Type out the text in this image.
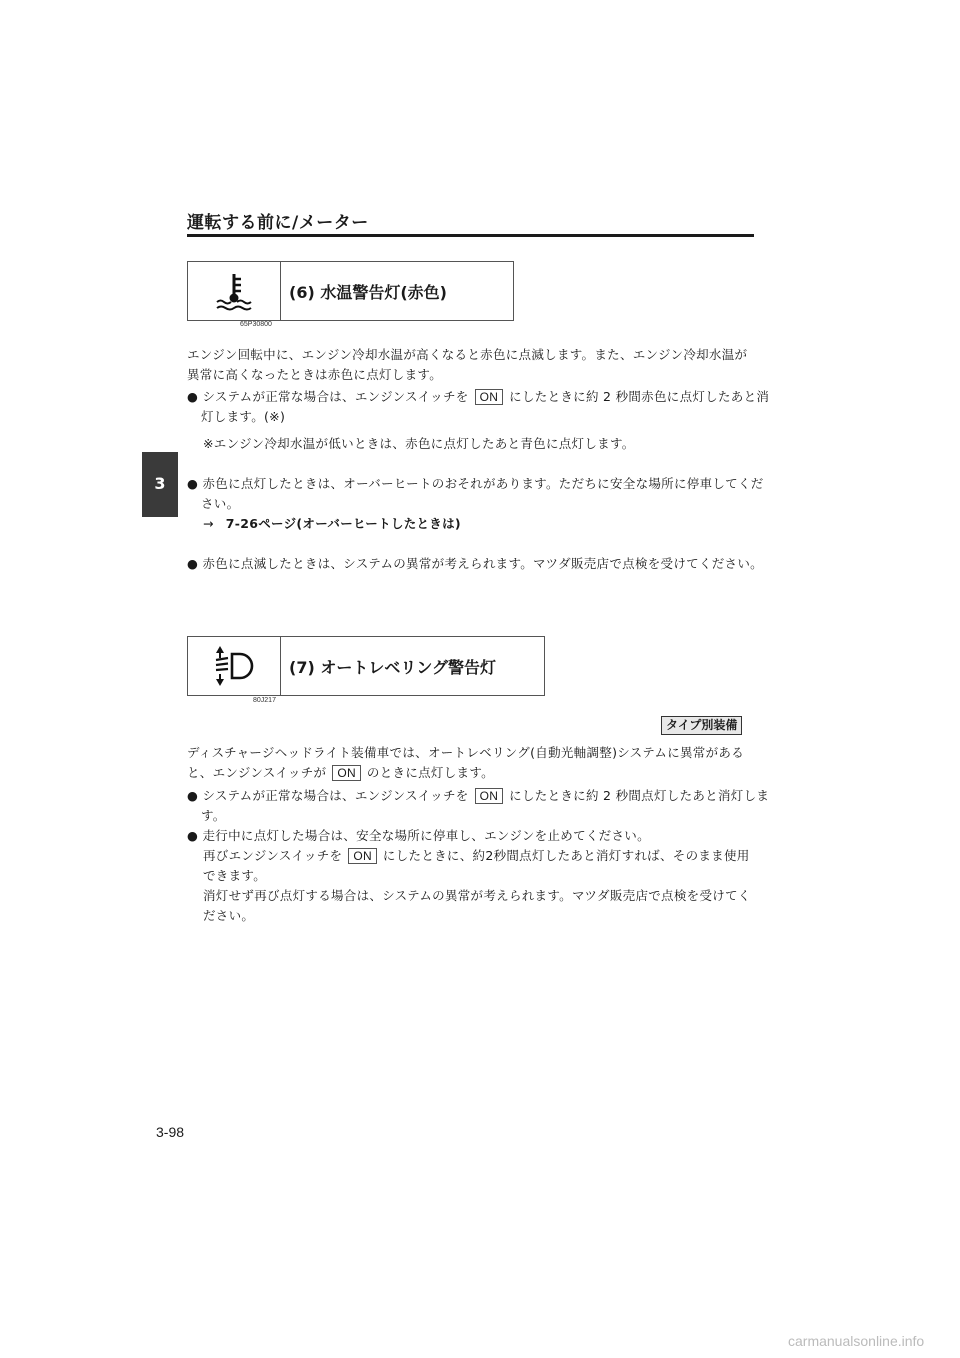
運転する前に/メーター
3
(6) 水温警告灯(赤色)
65P30800
エンジン回転中に、エンジン冷却水温が高くなると赤色に点滅します。また、エンジン冷却水温が異常に高くなったときは赤色に点灯します。
● システムが正常な場合は、エンジンスイッチを ON にしたときに約 2 秒間赤色に点灯したあと消灯します。(※)
※エンジン冷却水温が低いときは、赤色に点灯したあと青色に点灯します。
● 赤色に点灯したときは、オーバーヒートのおそれがあります。ただちに安全な場所に停車してください。
→ 7-26ページ(オーバーヒートしたときは)
● 赤色に点滅したときは、システムの異常が考えられます。マツダ販売店で点検を受けてください。
(7) オートレベリング警告灯
80J217
タイプ別装備
ディスチャージヘッドライト装備車では、オートレベリング(自動光軸調整)システムに異常があると、エンジンスイッチが ON のときに点灯します。
● システムが正常な場合は、エンジンスイッチを ON にしたときに約 2 秒間点灯したあと消灯します。
● 走行中に点灯した場合は、安全な場所に停車し、エンジンを止めてください。
再びエンジンスイッチを ON にしたときに、約2秒間点灯したあと消灯すれば、そのまま使用できます。
消灯せず再び点灯する場合は、システムの異常が考えられます。マツダ販売店で点検を受けてください。
3-98
carmanualsonline.info
